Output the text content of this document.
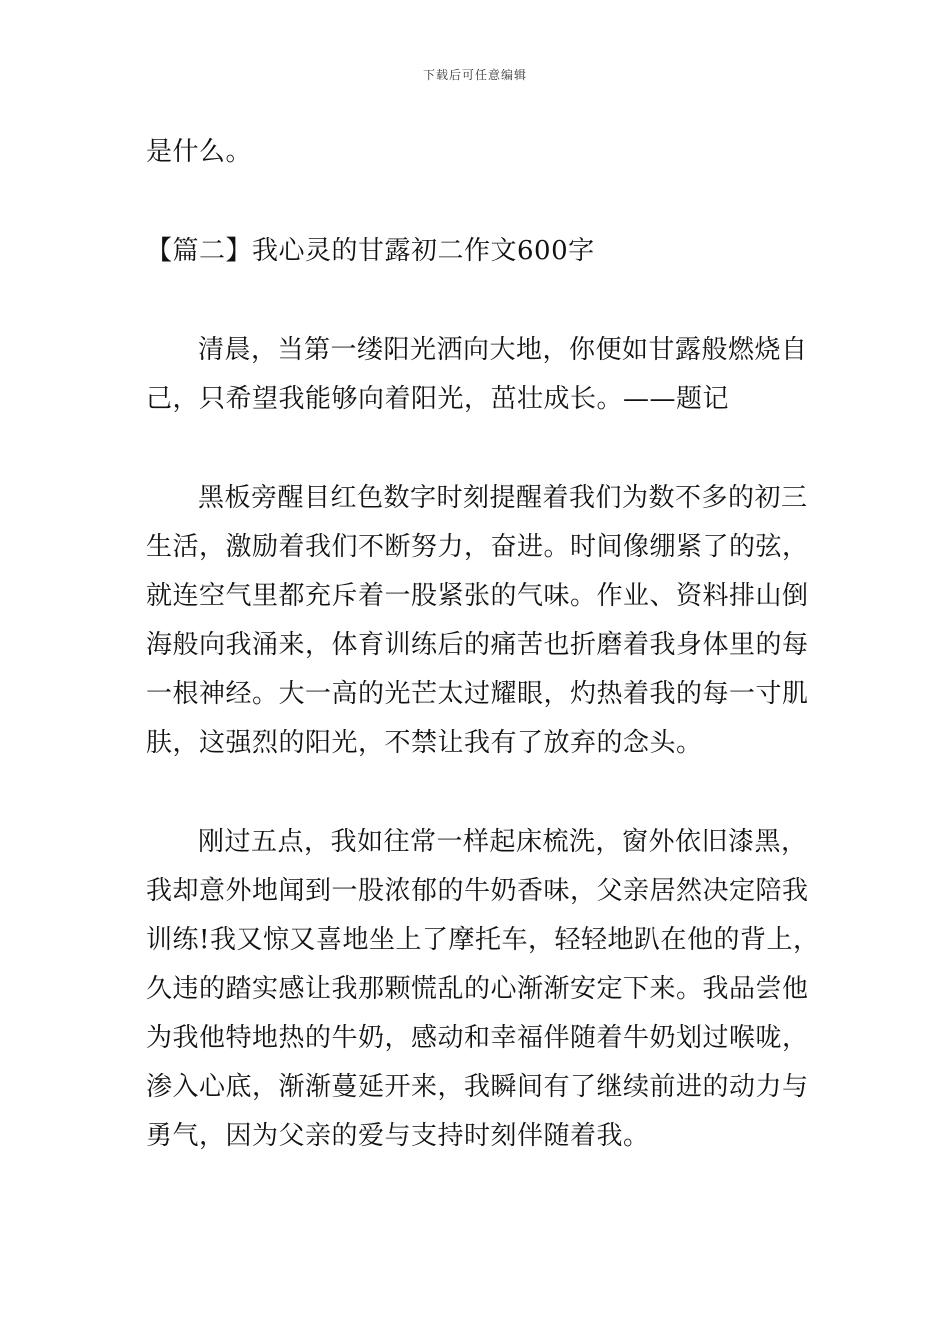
下载后可任意编辑
是什么。
【篇二】我心灵的甘露初二作文600字
清晨，当第一缕阳光洒向大地，你便如甘露般燃烧自
己，只希望我能够向着阳光，茁壮成长。——题记
黑板旁醒目红色数字时刻提醒着我们为数不多的初三
生活，激励着我们不断努力，奋进。时间像绷紧了的弦，
就连空气里都充斥着一股紧张的气味。作业、资料排山倒
海般向我涌来，体育训练后的痛苦也折磨着我身体里的每
一根神经。大一高的光芒太过耀眼，灼热着我的每一寸肌
肤，这强烈的阳光，不禁让我有了放弃的念头。
刚过五点，我如往常一样起床梳洗，窗外依旧漆黑，
我却意外地闻到一股浓郁的牛奶香味，父亲居然决定陪我
训练!我又惊又喜地坐上了摩托车，轻轻地趴在他的背上，
久违的踏实感让我那颗慌乱的心渐渐安定下来。我品尝他
为我他特地热的牛奶，感动和幸福伴随着牛奶划过喉咙，
渗入心底，渐渐蔓延开来，我瞬间有了继续前进的动力与
勇气，因为父亲的爱与支持时刻伴随着我。
